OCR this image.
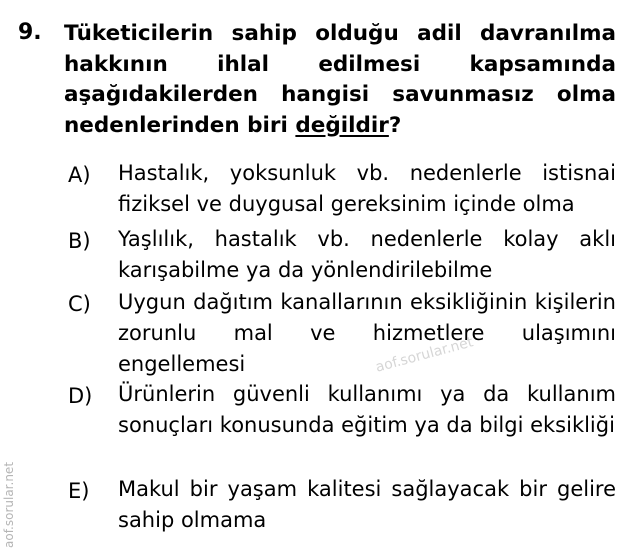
9. Tüketicilerin sahip olduğu adil davranılma hakkının ihlal edilmesi kapsamında aşağıdakilerden hangisi savunmasız olma nedenlerinden biri değildir?

A) Hastalık, yoksunluk vb. nedenlerle istisnai fiziksel ve duygusal gereksinim içinde olma

B) Yaşlılık, hastalık vb. nedenlerle kolay aklı karışabilme ya da yönlendirilebilme

C) Uygun dağıtım kanallarının eksikliğinin kişilerin zorunlu mal ve hizmetlere ulaşımını engellemesi

D) Ürünlerin güvenli kullanımı ya da kullanım sonuçları konusunda eğitim ya da bilgi eksikliği

E) Makul bir yaşam kalitesi sağlayacak bir gelire sahip olmama

aof.sorular.net
aof.sorular.net
